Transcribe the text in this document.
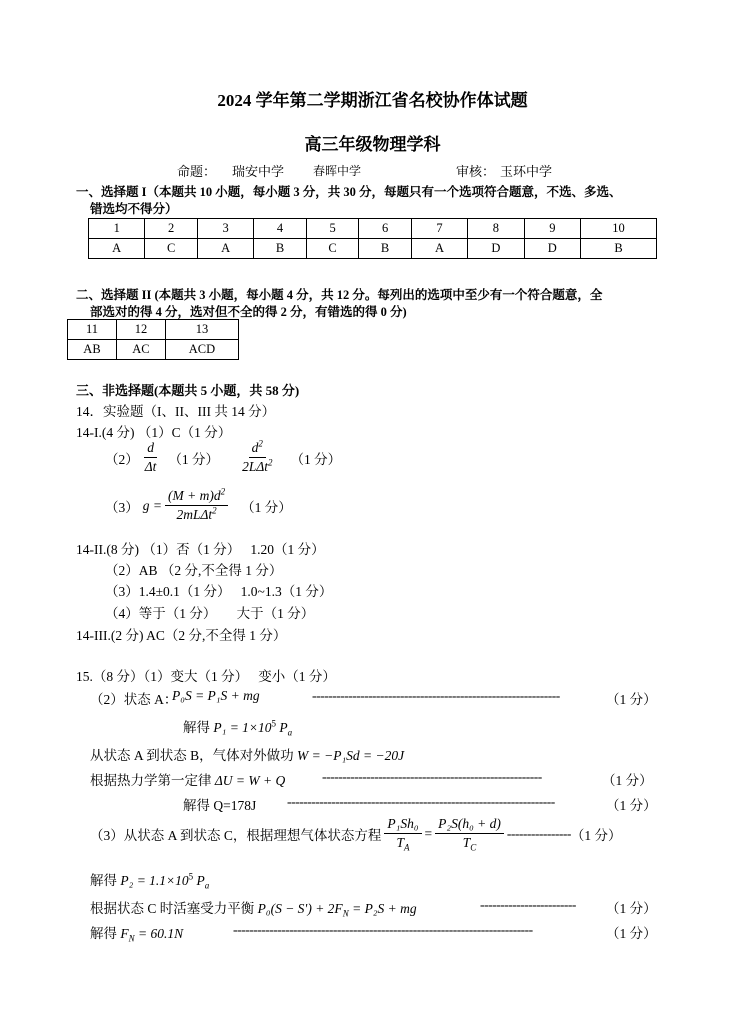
2024 学年第二学期浙江省名校协作体试题
高三年级物理学科
命题： 瑞安中学 春晖中学	审核： 玉环中学
一、选择题 I（本题共 10 小题，每小题 3 分，共 30 分，每题只有一个选项符合题意，不选、多选、
错选均不得分）
1	2	3	4	5	6	7	8	9	10
A	C	A	B	C	B	A	D	D	B
二、选择题 II (本题共 3 小题，每小题 4 分，共 12 分。每列出的选项中至少有一个符合题意，全
部选对的得 4 分，选对但不全的得 2 分，有错选的得 0 分)
11	12	13
AB	AC	ACD
三、非选择题(本题共 5 小题，共 58 分)
14．实验题（I、II、III 共 14 分）
14-I.(4 分) （1）C（1 分）
$(2) \frac{d}{\Delta t} (1$ 分） $\frac{d^2}{2L\Delta t^2} (1$ 分）
（3） $g = \frac{(M + m)d^2}{2mL\Delta t^2} (1$ 分）
14-II.(8 分) （1）否（1 分）　 1.20（1 分）
（2）AB （2 分,不全得 1 分）
（3）1.4±0.1（1 分）　 1.0~1.3（1 分）
（4）等于（1 分）　　大于（1 分）
14-III.(2 分) AC（2 分,不全得 1 分）
15.（8 分）（1）变大（1 分）　 变小（1 分）
（2）状态 A：
P₀S = P₁S + mg	--------------------------------------------------------------	（1 分）
解得 $P_1 = 1\times 10^5$ $P_a$
从状态 A 到状态 B，气体对外做功 W = −P₁Sd = −20J
根据热力学第一定律 ΔU = W + Q	-------------------------------------------------------	（1 分）
解得 Q=178J -------------------------------------------------------------------	（1 分）
（3）从状态 A 到状态 C，根据理想气体状态方程 $\frac{\text{P₁Sh₀}}{T_A} = \frac{\text{P₂S(h₀ + d)}}{T_C}$ ---------------- （1 分）
解得 $P_2 = 1.1\times 10^5$ $P_a$
根据状态 C 时活塞受力平衡 $P_0(S - S') + 2F_N = P_2S$ + mg	------------------------ （1 分）
解得 $F_N = 60.1N$	---------------------------------------------------------------------------	（1 分）
